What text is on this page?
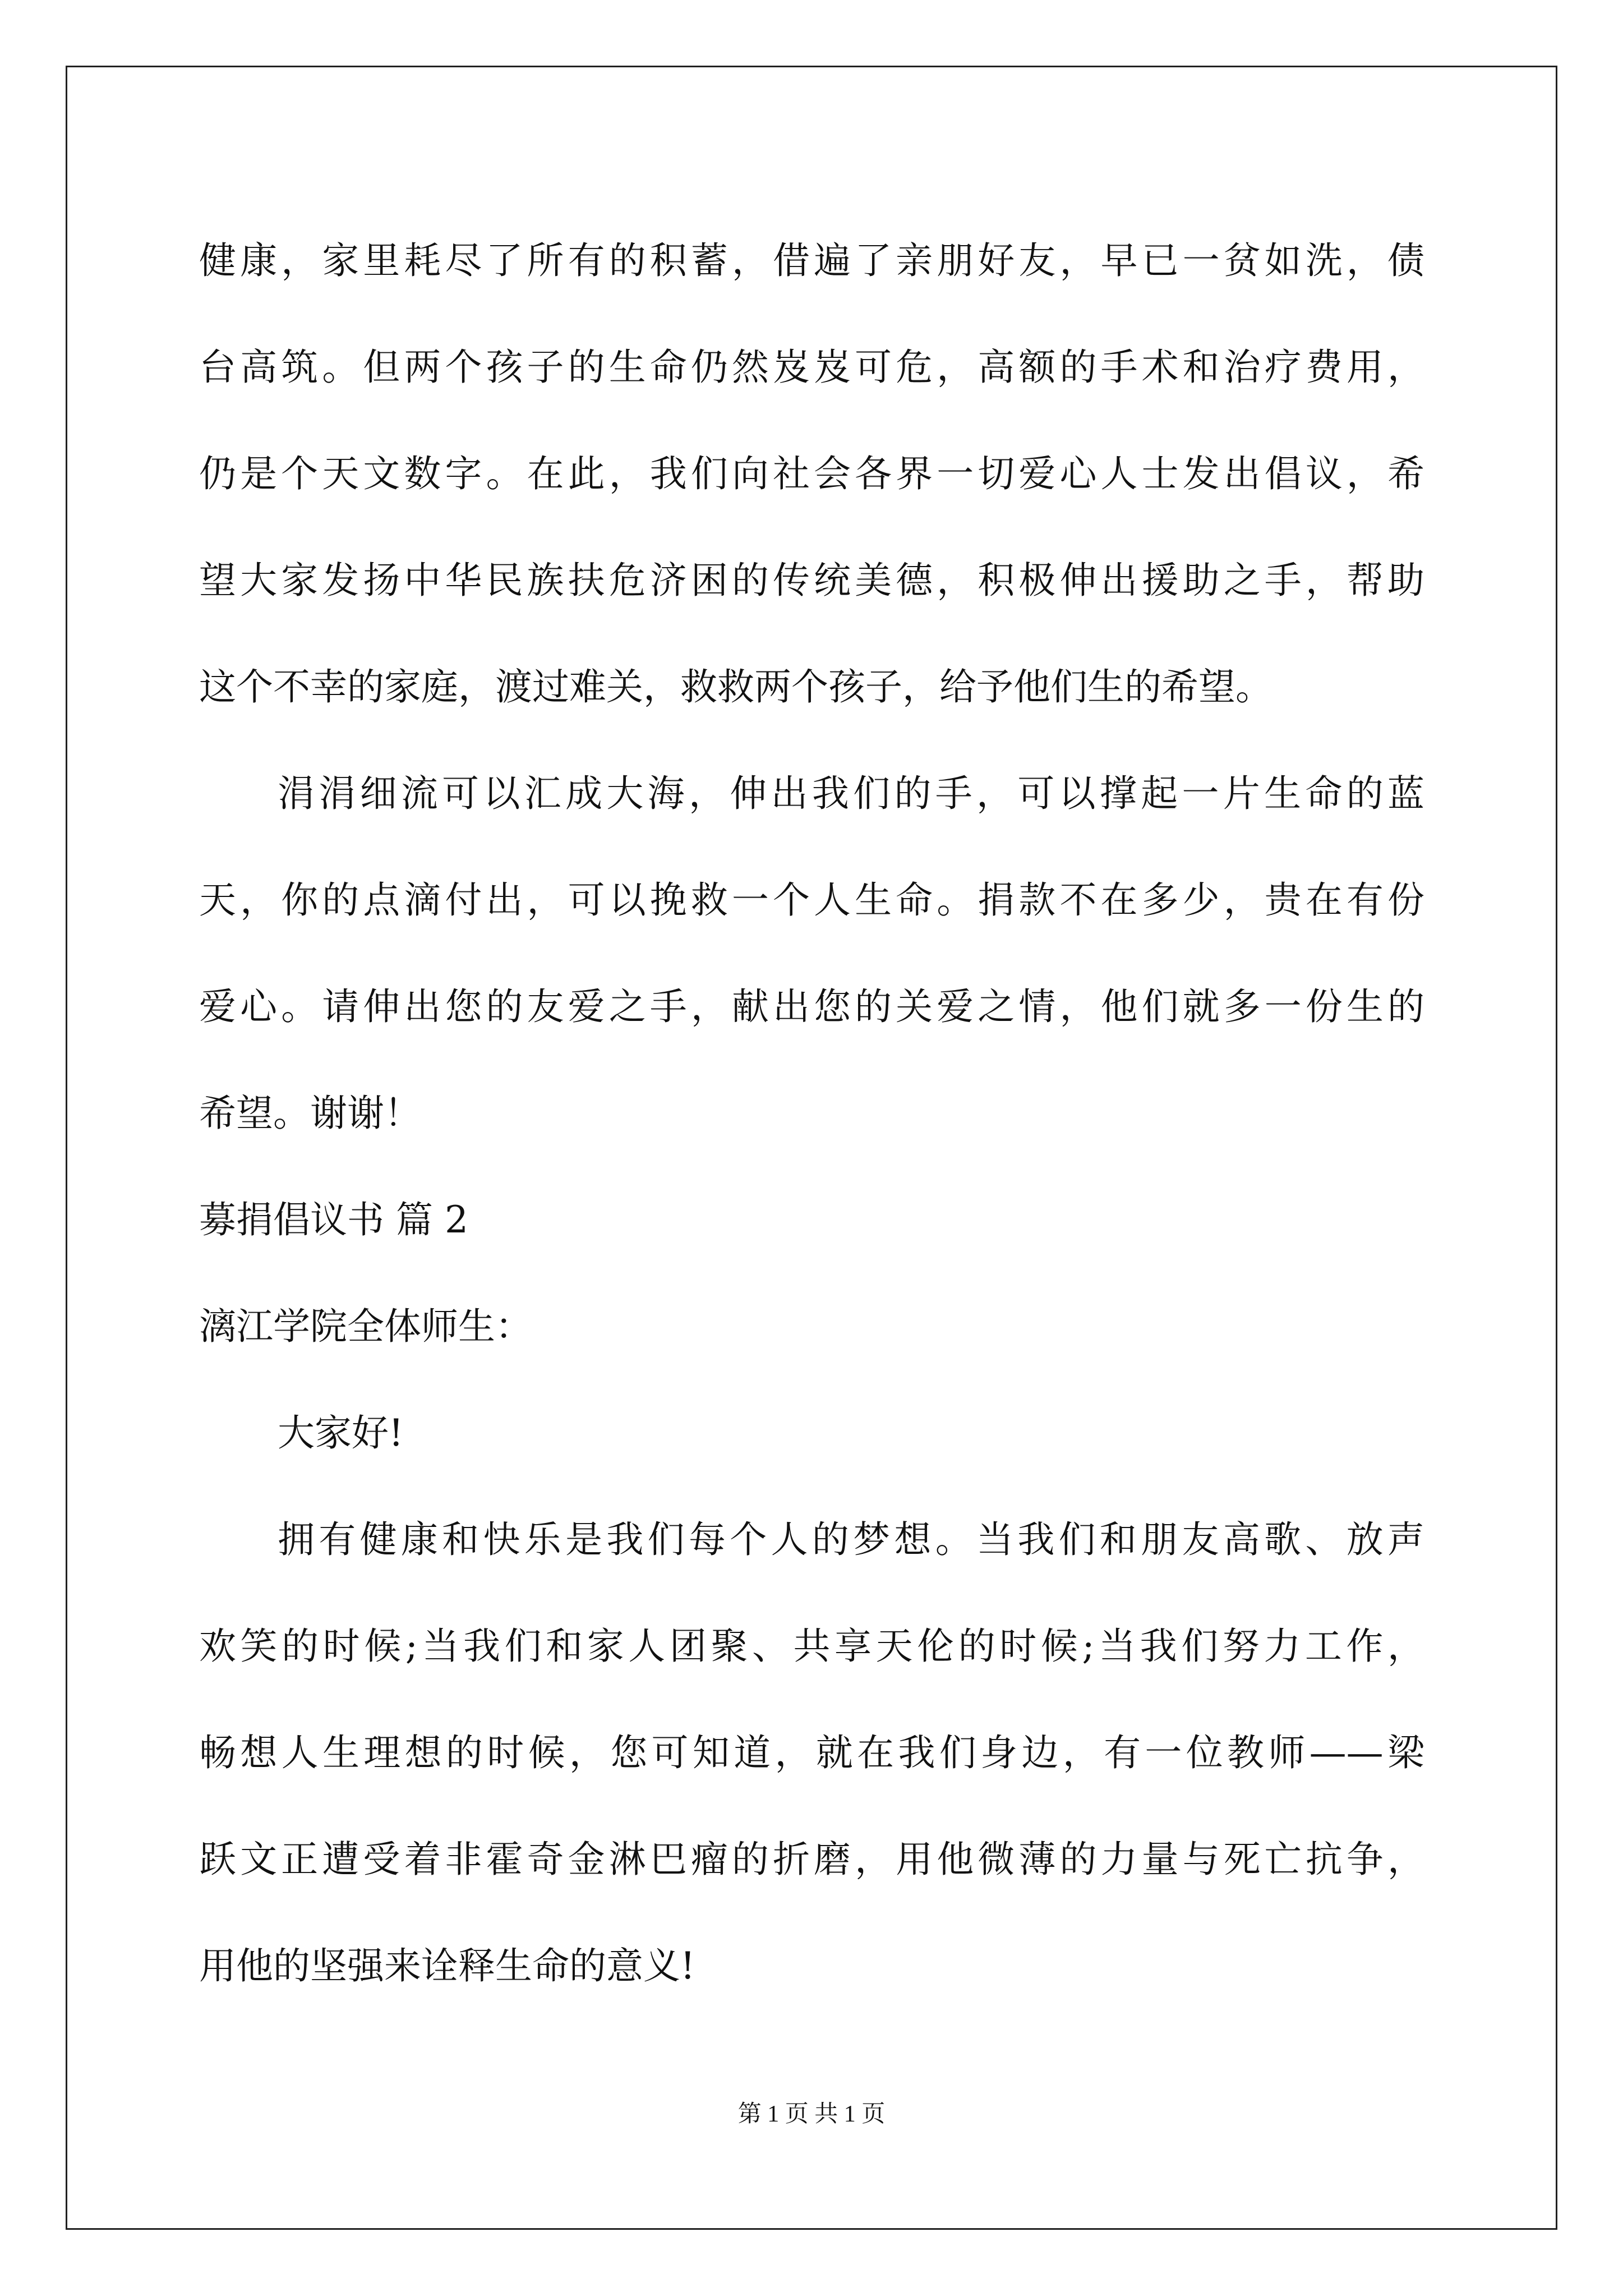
健康，家里耗尽了所有的积蓄，借遍了亲朋好友，早已一贫如洗，债
台高筑。但两个孩子的生命仍然岌岌可危，高额的手术和治疗费用，
仍是个天文数字。在此，我们向社会各界一切爱心人士发出倡议，希
望大家发扬中华民族扶危济困的传统美德，积极伸出援助之手，帮助
这个不幸的家庭，渡过难关，救救两个孩子，给予他们生的希望。
涓涓细流可以汇成大海，伸出我们的手，可以撑起一片生命的蓝
天，你的点滴付出，可以挽救一个人生命。捐款不在多少，贵在有份
爱心。请伸出您的友爱之手，献出您的关爱之情，他们就多一份生的
希望。谢谢！
募捐倡议书 篇 2
漓江学院全体师生：
大家好!
拥有健康和快乐是我们每个人的梦想。当我们和朋友高歌、放声
欢笑的时候;当我们和家人团聚、共享天伦的时候;当我们努力工作，
畅想人生理想的时候，您可知道，就在我们身边，有一位教师——梁
跃文正遭受着非霍奇金淋巴瘤的折磨，用他微薄的力量与死亡抗争，
用他的坚强来诠释生命的意义!
第 1 页 共 1 页
